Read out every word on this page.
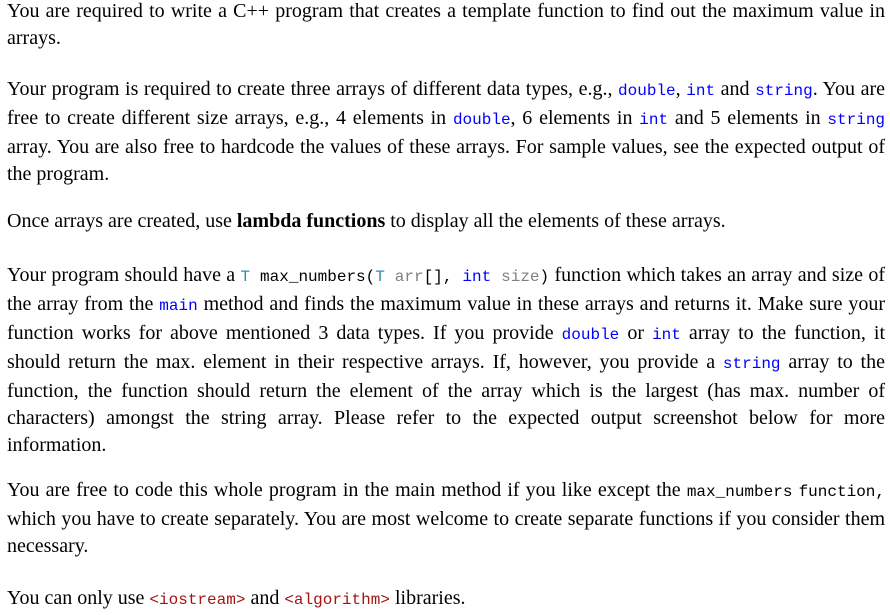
You are required to write a C++ program that creates a template function to find out the maximum value in arrays.

Your program is required to create three arrays of different data types, e.g., double, int and string. You are free to create different size arrays, e.g., 4 elements in double, 6 elements in int and 5 elements in string array. You are also free to hardcode the values of these arrays. For sample values, see the expected output of the program.

Once arrays are created, use lambda functions to display all the elements of these arrays.

Your program should have a T max_numbers(T arr[], int size) function which takes an array and size of the array from the main method and finds the maximum value in these arrays and returns it. Make sure your function works for above mentioned 3 data types. If you provide double or int array to the function, it should return the max. element in their respective arrays. If, however, you provide a string array to the function, the function should return the element of the array which is the largest (has max. number of characters) amongst the string array. Please refer to the expected output screenshot below for more information.

You are free to code this whole program in the main method if you like except the max_numbers function, which you have to create separately. You are most welcome to create separate functions if you consider them necessary.

You can only use <iostream> and <algorithm> libraries.
